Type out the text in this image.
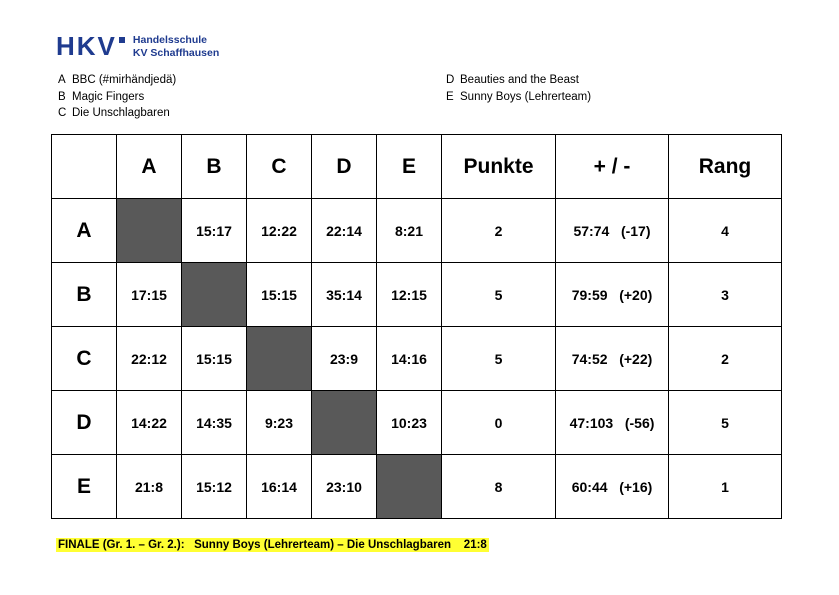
HKV Handelsschule
KV Schaffhausen
A BBC (#mirhändjedä)
B Magic Fingers
C Die Unschlagbaren
D Beauties and the Beast
E Sunny Boys (Lehrerteam)
	A	B	C	D	E	Punkte	+ / -	Rang
A		15:17	12:22	22:14	8:21	2	57:74   (-17)	4
B	17:15		15:15	35:14	12:15	5	79:59   (+20)	3
C	22:12	15:15		23:9	14:16	5	74:52   (+22)	2
D	14:22	14:35	9:23		10:23	0	47:103   (-56)	5
E	21:8	15:12	16:14	23:10		8	60:44   (+16)	1
FINALE (Gr. 1. – Gr. 2.):   Sunny Boys (Lehrerteam) – Die Unschlagbaren    21:8
